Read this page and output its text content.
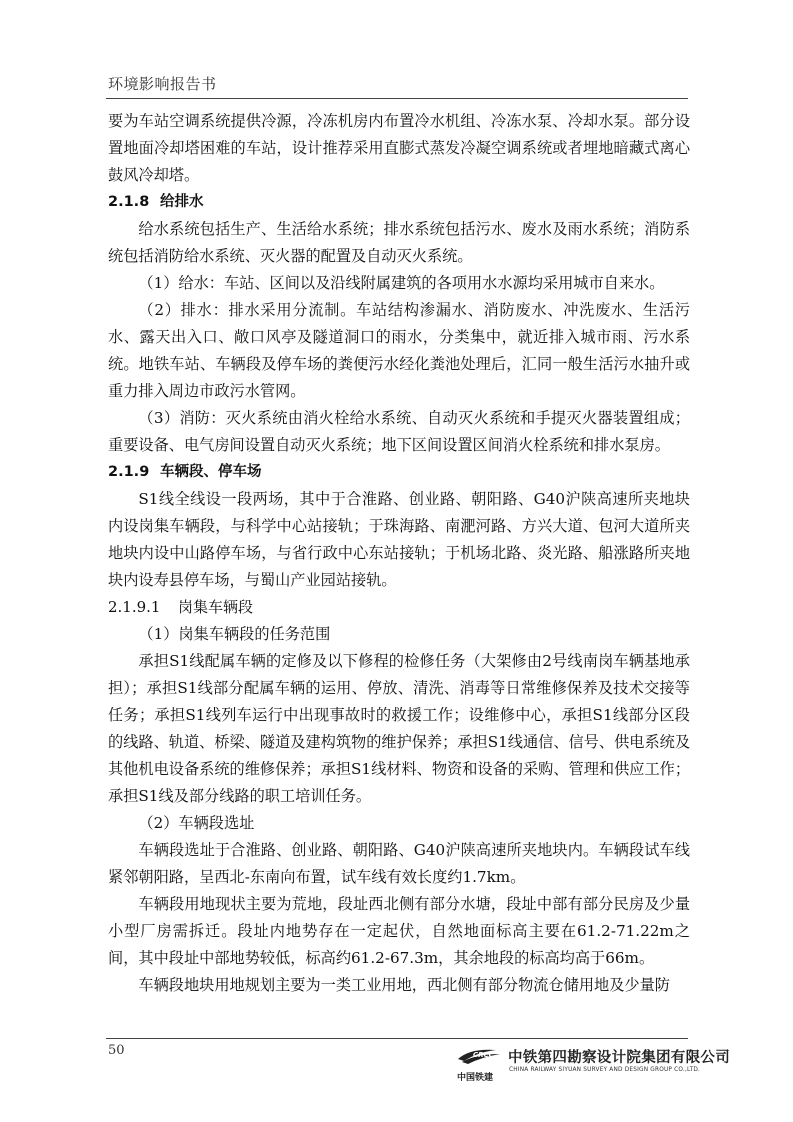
环境影响报告书

要为车站空调系统提供冷源，冷冻机房内布置冷水机组、冷冻水泵、冷却水泵。部分设置地面冷却塔困难的车站，设计推荐采用直膨式蒸发冷凝空调系统或者埋地暗藏式离心鼓风冷却塔。

2.1.8 给排水

给水系统包括生产、生活给水系统；排水系统包括污水、废水及雨水系统；消防系统包括消防给水系统、灭火器的配置及自动灭火系统。

（1）给水：车站、区间以及沿线附属建筑的各项用水水源均采用城市自来水。

（2）排水：排水采用分流制。车站结构渗漏水、消防废水、冲洗废水、生活污水、露天出入口、敞口风亭及隧道洞口的雨水，分类集中，就近排入城市雨、污水系统。地铁车站、车辆段及停车场的粪便污水经化粪池处理后，汇同一般生活污水抽升或重力排入周边市政污水管网。

（3）消防：灭火系统由消火栓给水系统、自动灭火系统和手提灭火器装置组成；重要设备、电气房间设置自动灭火系统；地下区间设置区间消火栓系统和排水泵房。

2.1.9 车辆段、停车场

S1线全线设一段两场，其中于合淮路、创业路、朝阳路、G40沪陕高速所夹地块内设岗集车辆段，与科学中心站接轨；于珠海路、南淝河路、方兴大道、包河大道所夹地块内设中山路停车场，与省行政中心东站接轨；于机场北路、炎光路、船涨路所夹地块内设寿县停车场，与蜀山产业园站接轨。

2.1.9.1 岗集车辆段

（1）岗集车辆段的任务范围

承担S1线配属车辆的定修及以下修程的检修任务（大架修由2号线南岗车辆基地承担）；承担S1线部分配属车辆的运用、停放、清洗、消毒等日常维修保养及技术交接等任务；承担S1线列车运行中出现事故时的救援工作；设维修中心，承担S1线部分区段的线路、轨道、桥梁、隧道及建构筑物的维护保养；承担S1线通信、信号、供电系统及其他机电设备系统的维修保养；承担S1线材料、物资和设备的采购、管理和供应工作；承担S1线及部分线路的职工培训任务。

（2）车辆段选址

车辆段选址于合淮路、创业路、朝阳路、G40沪陕高速所夹地块内。车辆段试车线紧邻朝阳路，呈西北-东南向布置，试车线有效长度约1.7km。

车辆段用地现状主要为荒地，段址西北侧有部分水塘，段址中部有部分民房及少量小型厂房需拆迁。段址内地势存在一定起伏，自然地面标高主要在61.2-71.22m之间，其中段址中部地势较低，标高约61.2-67.3m，其余地段的标高均高于66m。

车辆段地块用地规划主要为一类工业用地，西北侧有部分物流仓储用地及少量防

50	CRCC
中国铁建
中铁第四勘察设计院集团有限公司
CHINA RAILWAY SIYUAN SURVEY AND DESIGN GROUP CO.,LTD.
